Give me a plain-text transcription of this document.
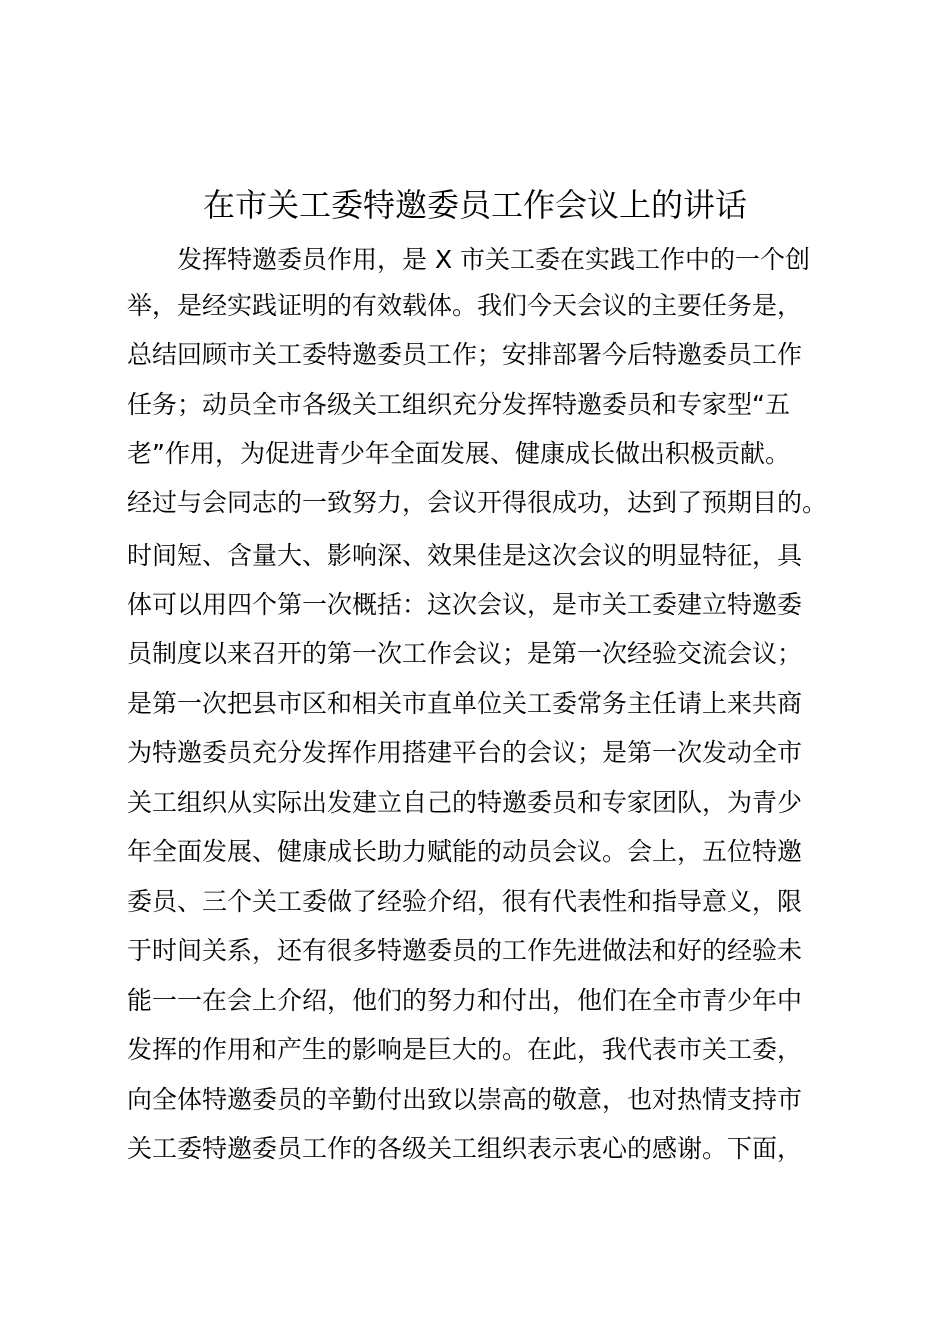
在市关工委特邀委员工作会议上的讲话
发挥特邀委员作用，是 X 市关工委在实践工作中的一个创
举，是经实践证明的有效载体。我们今天会议的主要任务是，
总结回顾市关工委特邀委员工作；安排部署今后特邀委员工作
任务；动员全市各级关工组织充分发挥特邀委员和专家型“五
老”作用，为促进青少年全面发展、健康成长做出积极贡献。
经过与会同志的一致努力，会议开得很成功，达到了预期目的。
时间短、含量大、影响深、效果佳是这次会议的明显特征，具
体可以用四个第一次概括：这次会议，是市关工委建立特邀委
员制度以来召开的第一次工作会议；是第一次经验交流会议；
是第一次把县市区和相关市直单位关工委常务主任请上来共商
为特邀委员充分发挥作用搭建平台的会议；是第一次发动全市
关工组织从实际出发建立自己的特邀委员和专家团队，为青少
年全面发展、健康成长助力赋能的动员会议。会上，五位特邀
委员、三个关工委做了经验介绍，很有代表性和指导意义，限
于时间关系，还有很多特邀委员的工作先进做法和好的经验未
能一一在会上介绍，他们的努力和付出，他们在全市青少年中
发挥的作用和产生的影响是巨大的。在此，我代表市关工委，
向全体特邀委员的辛勤付出致以崇高的敬意，也对热情支持市
关工委特邀委员工作的各级关工组织表示衷心的感谢。下面，
